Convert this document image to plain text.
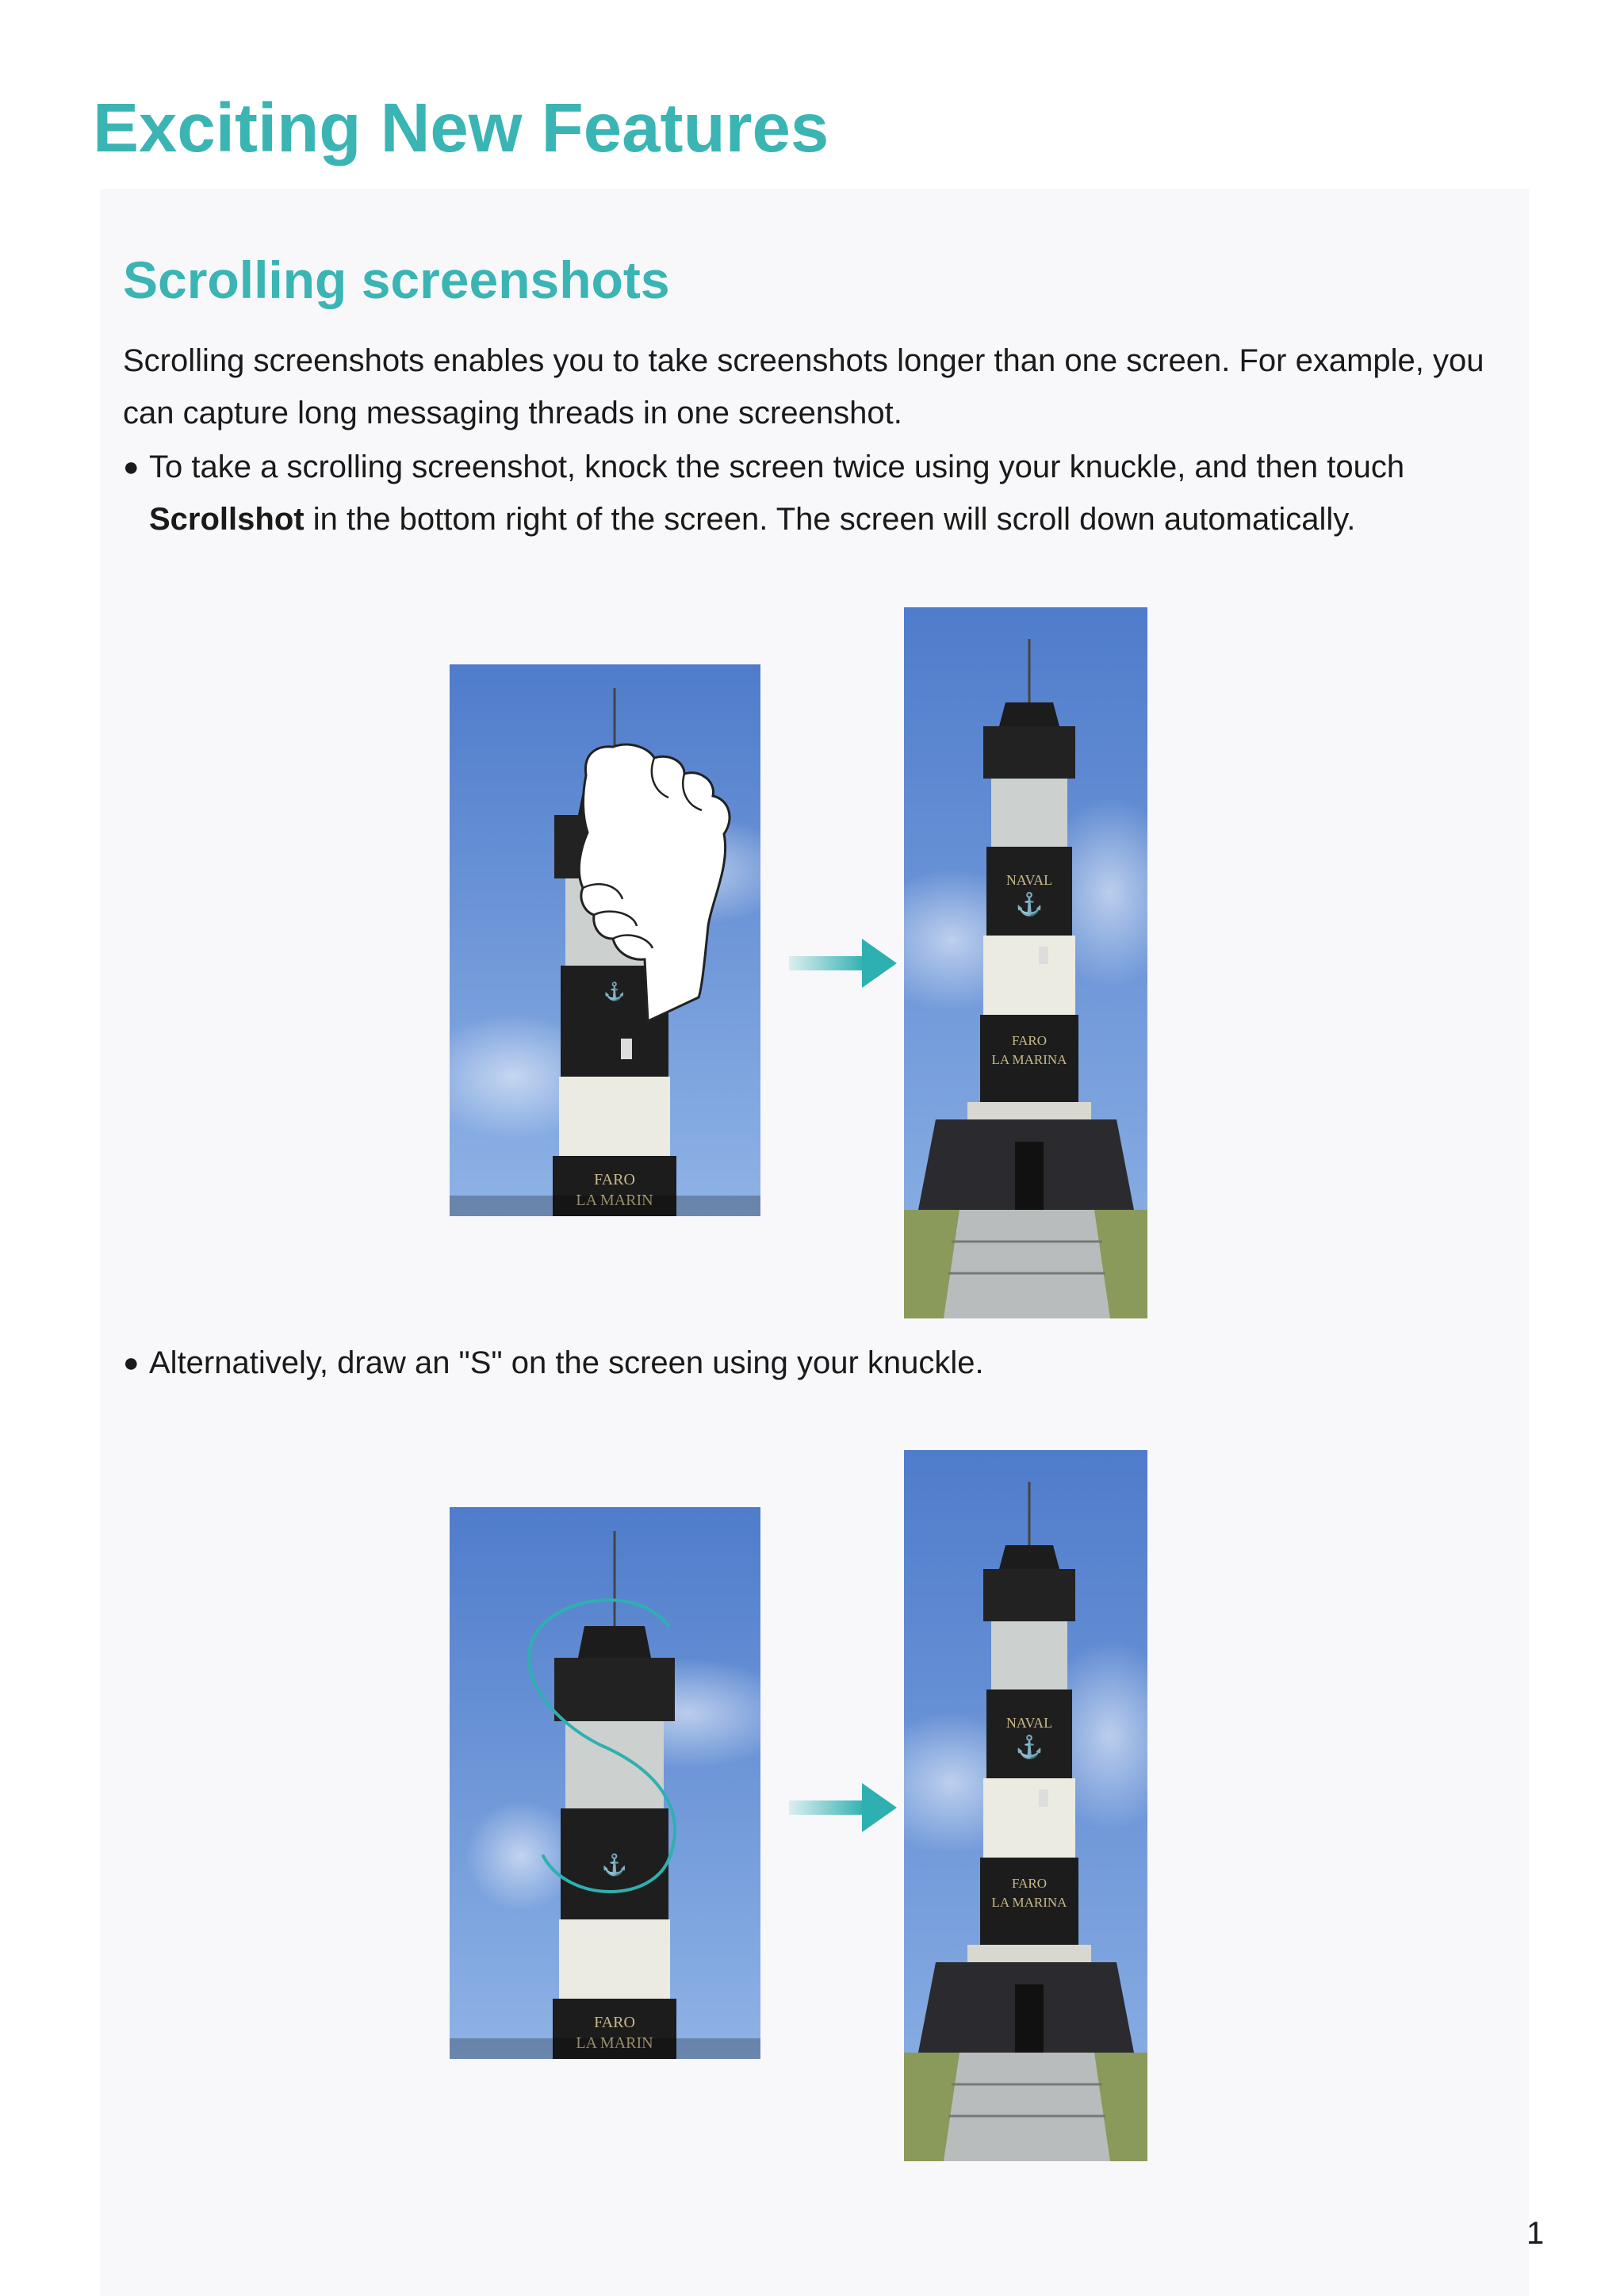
Exciting New Features
Scrolling screenshots

Scrolling screenshots enables you to take screenshots longer than one screen. For example, you can capture long messaging threads in one screenshot.

● To take a scrolling screenshot, knock the screen twice using your knuckle, and then touch
Scrollshot in the bottom right of the screen. The screen will scroll down automatically.
● Alternatively, draw an "S" on the screen using your knuckle.
⚓
FARO
LA MARIN
NAVAL
⚓
FARO
LA MARINA
⚓
FARO
LA MARIN
NAVAL
⚓
FARO
LA MARINA
1
